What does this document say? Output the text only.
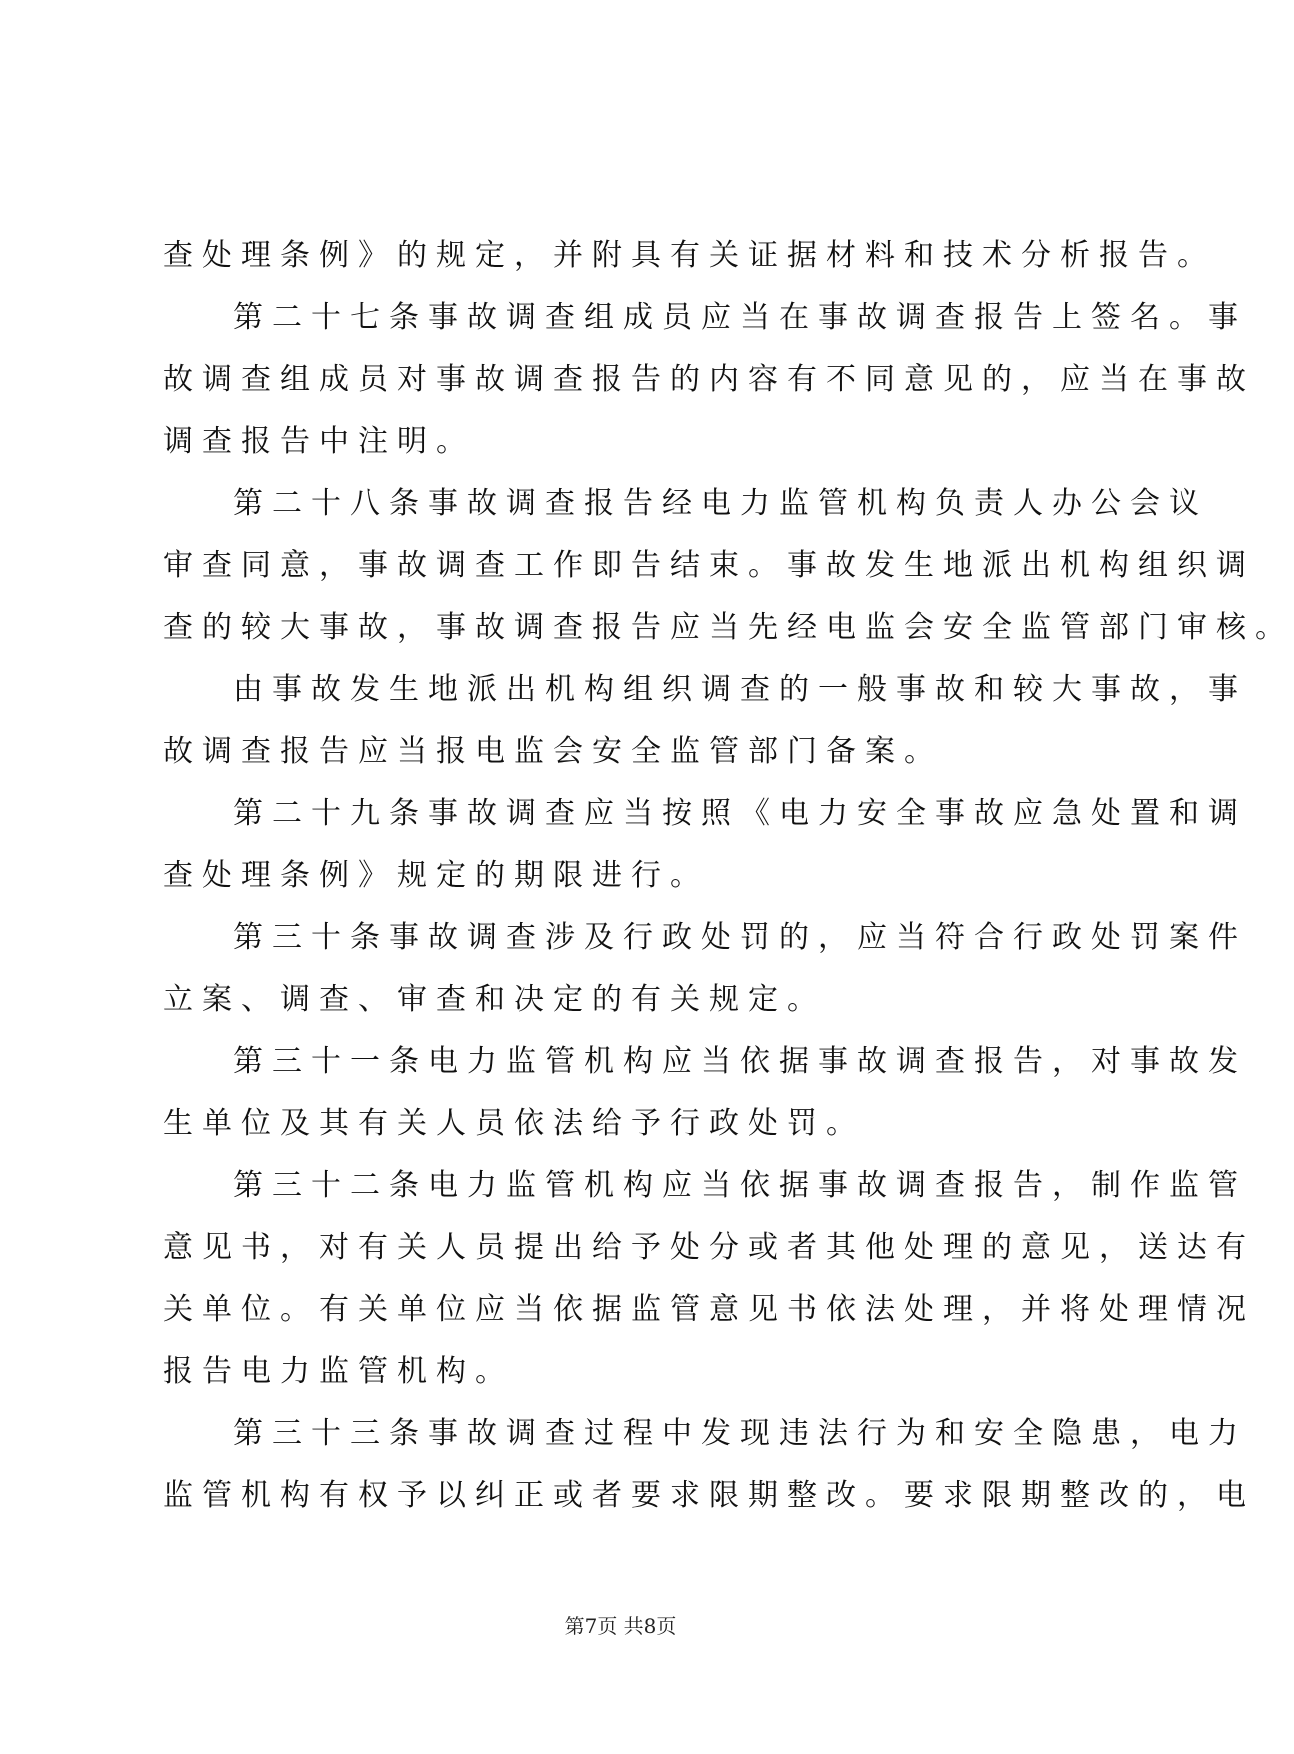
查处理条例》的规定，并附具有关证据材料和技术分析报告。
第二十七条事故调查组成员应当在事故调查报告上签名。事
故调查组成员对事故调查报告的内容有不同意见的，应当在事故
调查报告中注明。
第二十八条事故调查报告经电力监管机构负责人办公会议
审查同意，事故调查工作即告结束。事故发生地派出机构组织调
查的较大事故，事故调查报告应当先经电监会安全监管部门审核。
由事故发生地派出机构组织调查的一般事故和较大事故，事
故调查报告应当报电监会安全监管部门备案。
第二十九条事故调查应当按照《电力安全事故应急处置和调
查处理条例》规定的期限进行。
第三十条事故调查涉及行政处罚的，应当符合行政处罚案件
立案、调查、审查和决定的有关规定。
第三十一条电力监管机构应当依据事故调查报告，对事故发
生单位及其有关人员依法给予行政处罚。
第三十二条电力监管机构应当依据事故调查报告，制作监管
意见书，对有关人员提出给予处分或者其他处理的意见，送达有
关单位。有关单位应当依据监管意见书依法处理，并将处理情况
报告电力监管机构。
第三十三条事故调查过程中发现违法行为和安全隐患，电力
监管机构有权予以纠正或者要求限期整改。要求限期整改的，电
第7页 共8页
